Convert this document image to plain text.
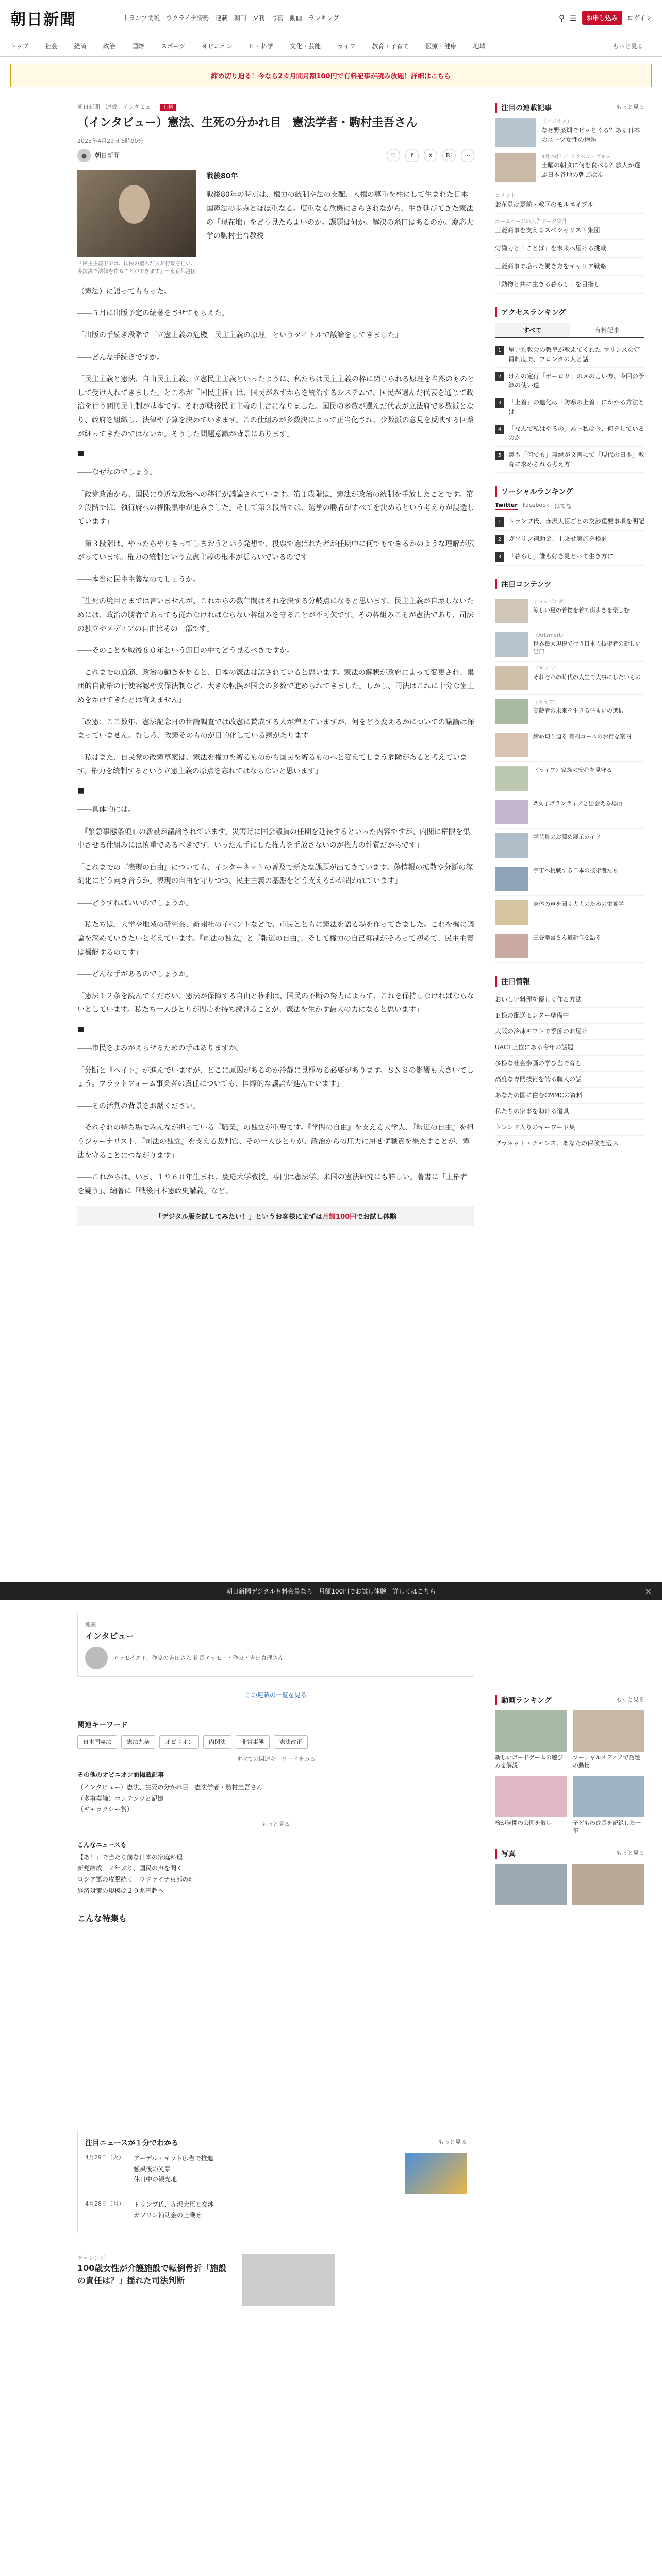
朝日新聞	トランプ関税 ウクライナ情勢 連載 朝刊 夕刊 写真 動画 ランキング	⚲ ☰	お申し込み	ログイン
トップ	社会	経済	政治	国際	スポーツ	オピニオン	IT・科学	文化・芸能	ライフ	教育・子育て	医療・健康	地域	もっと見る
締め切り迫る！今なら2カ月間月額100円で有料記事が読み放題！詳細はこちら
朝日新聞　連載　インタビュー 有料
（インタビュー）憲法、生死の分かれ目　憲法学者・駒村圭吾さん
2025年4月29日 5時00分
●	朝日新聞	♡	f	X	B!	⋯
「民主主義下では、国民の選んだ人が行政を担い、多数決で法律を作ることができます」＝東京都港区

戦後80年

戦後80年の時点は、権力の統制や法の支配、人権の尊重を柱にして生まれた日本国憲法の歩みとほぼ重なる。度重なる危機にさらされながら、生き延びてきた憲法の「現在地」をどう見たらよいのか。課題は何か。解決の糸口はあるのか。慶応大学の駒村圭吾教授

（憲法）に語ってもらった。

――５月に出版予定の編著をさせてもらえた。

「出版の手続き段階で『立憲主義の危機』民主主義の原理』というタイトルで議論をしてきました」

――どんな手続きですか。

「民主主義と憲法、自由民主主義、立憲民主主義といったように、私たちは民主主義の枠に閉じられる原理を当然のものとして受け入れてきました。ところが『国民主権』は、国民がみずからを統治するシステムで、国民が選んだ代表を通じて政治を行う間接民主制が基本です。それが戦後民主主義の土台になりました。国民の多数が選んだ代表が立法府で多数派となり、政府を組織し、法律や予算を決めていきます。この仕組みが多数決によって正当化され、少数派の意見を反映する回路が細ってきたのではないか。そうした問題意識が背景にあります」

■

――なぜなのでしょう。

「政党政治から、国民に身近な政治への移行が議論されています。第１段階は、憲法が政治の統制を手放したことです。第２段階では、執行府への権限集中が進みました。そして第３段階では、選挙の勝者がすべてを決めるという考え方が浸透しています」

「第３段階は、やったらやりきってしまおうという発想で、投票で選ばれた者が任期中に何でもできるかのような理解が広がっています。権力の統制という立憲主義の根本が揺らいでいるのです」

――本当に民主主義なのでしょうか。

「生死の境目とまでは言いませんが、これからの数年間はそれを決する分岐点になると思います。民主主義が自壊しないためには、政治の勝者であっても従わなければならない枠組みを守ることが不可欠です。その枠組みこそが憲法であり、司法の独立やメディアの自由はその一部です」

――そのことを戦後８０年という節目の中でどう見るべきですか。

「これまでの道筋、政治の動きを見ると、日本の憲法は試されていると思います。憲法の解釈が政府によって変更され、集団的自衛権の行使容認や安保法制など、大きな転換が国会の多数で進められてきました。しかし、司法はこれに十分な歯止めをかけてきたとは言えません」

「改憲：ここ数年、憲法記念日の世論調査では改憲に賛成する人が増えていますが、何をどう変えるかについての議論は深まっていません。むしろ、改憲そのものが目的化している感があります」

「私はまた、自民党の改憲草案は、憲法を権力を縛るものから国民を縛るものへと変えてしまう危険があると考えています。権力を統制するという立憲主義の原点を忘れてはならないと思います」

■

――具体的には。

「『緊急事態条項』の新設が議論されています。災害時に国会議員の任期を延長するといった内容ですが、内閣に権限を集中させる仕組みには慎重であるべきです。いったん手にした権力を手放さないのが権力の性質だからです」

「これまでの『表現の自由』についても、インターネットの普及で新たな課題が出てきています。偽情報の拡散や分断の深刻化にどう向き合うか。表現の自由を守りつつ、民主主義の基盤をどう支えるかが問われています」

――どうすればいいのでしょうか。

「私たちは、大学や地域の研究会、新聞社のイベントなどで、市民とともに憲法を語る場を作ってきました。これを機に議論を深めていきたいと考えています。『司法の独立』と『報道の自由』、そして権力の自己抑制がそろって初めて、民主主義は機能するのです」

――どんな手があるのでしょうか。

「憲法１２条を読んでください。憲法が保障する自由と権利は、国民の不断の努力によって、これを保持しなければならないとしています。私たち一人ひとりが関心を持ち続けることが、憲法を生かす最大の力になると思います」

■

――市民をよみがえらせるための手はありますか。

「分断と『ヘイト』が進んでいますが、どこに原因があるのか冷静に見極める必要があります。ＳＮＳの影響も大きいでしょう。プラットフォーム事業者の責任についても、国際的な議論が進んでいます」

――その活動の背景をお話ください。

「それぞれの持ち場でみんなが担っている『職業』の独立が重要です。『学問の自由』を支える大学人、『報道の自由』を担うジャーナリスト、『司法の独立』を支える裁判官、その一人ひとりが、政治からの圧力に屈せず職責を果たすことが、憲法を守ることにつながります」

――これからは、いま、１９６０年生まれ、慶応大学教授。専門は憲法学。米国の憲法研究にも詳しい。著書に「主権者を疑う」、編著に「戦後日本憲政史講義」など。

「デジタル版を試してみたい！」というお客様にまずは月額100円でお試し体験
注目の連載記事	もっと見る
（ビジネス）
なぜ野菜畑でピッとくる？ある日本のスーツ女性の物語
4月28日 ／ トラベル・グルメ
土曜の朝食に何を食べる？旅人が選ぶ日本各地の朝ごはん
コメント
お花見は夏前・教区のモルエイプル
ホームページの広告データ集計
三菱商事を支えるスペシャリスト集団
労働力と「ことば」を未来へ届ける挑戦
三菱商事で培った働き方をキャリア戦略
「動物と共に生きる暮らし」を目指し
アクセスランキング
すべて	有料記事
1	届いた教会の教皇が教えてくれた マリンスの定員制度で、フロンタの人と話
2	けんの定行「ボーロリ」のメの言い方、今回の予算の使い道
3	「上着」の進化は「防寒の上着」にかかる方法とは
4	「なんで私はやるの」あー私は今、何をしているのか
5	裏も「何でも」無縁が文書にて「現代の日本」教育に求められる考え方
ソーシャルランキング
Twitter Facebook はてな
1	トランプ氏、赤沢大臣ごとの交渉重要事項を明記
2	ガソリン補助金、上乗せ実施を検討
3	「暮らし」誰も好き見とって生き方に
注目コンテンツ
ショッピング
涼しい夏の着物を着て街歩きを楽しむ
〈Artsmart〉
世界最大規模で行う日本人技術者の新しい出口
〈ギフト〉
それぞれの時代の人生で大事にしたいもの
〈ライフ〉
高齢者の未来を生きる住まいの選択
締め切り迫る 有料コースのお得な案内
〈ライフ〉家族の安心を見守る
#女子ボランティアと出会える場所
学芸員のお薦め展示ガイド
宇宙へ挑戦する日本の技術者たち
身体の声を聞く大人のための栄養学
三谷幸喜さん最新作を語る
注目情報
おいしい料理を優しく作る方法
Ｅ様の配送センター準備中
大阪の冷凍ギフトで季節のお届け
UAC1上位にある今年の話題
多様な社会参画の学び舎で育む
高度な専門技術を誇る職人の話
あなたの国に住むCMMCの資料
私たちの家事を助ける道具
トレンド入りのキーワード集
プラネット・チャンス、あなたの保険を選ぶ
朝日新聞デジタル有料会員なら　月額100円でお試し体験　詳しくはこちら	×
連載
インタビュー
エッセイスト、作家の吉田さん 社長エッセー・作家・吉田真理さん
この連載の一覧を見る
関連キーワード
日本国憲法	憲法九条	オピニオン	内閣法	非常事態	憲法改正
すべての関連キーワードをみる
その他のオピニオン面掲載記事
（インタビュー）憲法、生死の分かれ目　憲法学者・駒村圭吾さん
（多事奏論）コンテンツと記憶
（ギャラクシー賞）
もっと見る
こんなニュースも
【あ！」で当たり前な日本の家庭料理
新党結成　２年ぶり、国民の声を聞く
ロシア軍の攻撃続く　ウクライナ東部の町
経済対策の規模は２０兆円超へ
こんな特集も
注目ニュースが１分でわかる	もっと見る
4月29日（火）	アーデル・キット広告で推進
強風後の光景
休日中の観光地
4月28日（月）	トランプ氏、赤沢大臣と交渉
ガソリン補助金の上乗せ
チャレンジ
100歳女性が介護施設で転倒骨折「施設の責任は？」揺れた司法判断
動画ランキング	もっと見る
新しいボードゲームの遊び方を解説
ソーシャルメディアで話題の動物
桜が満開の公園を散歩	子どもの成長を記録した一年
写真	もっと見る
